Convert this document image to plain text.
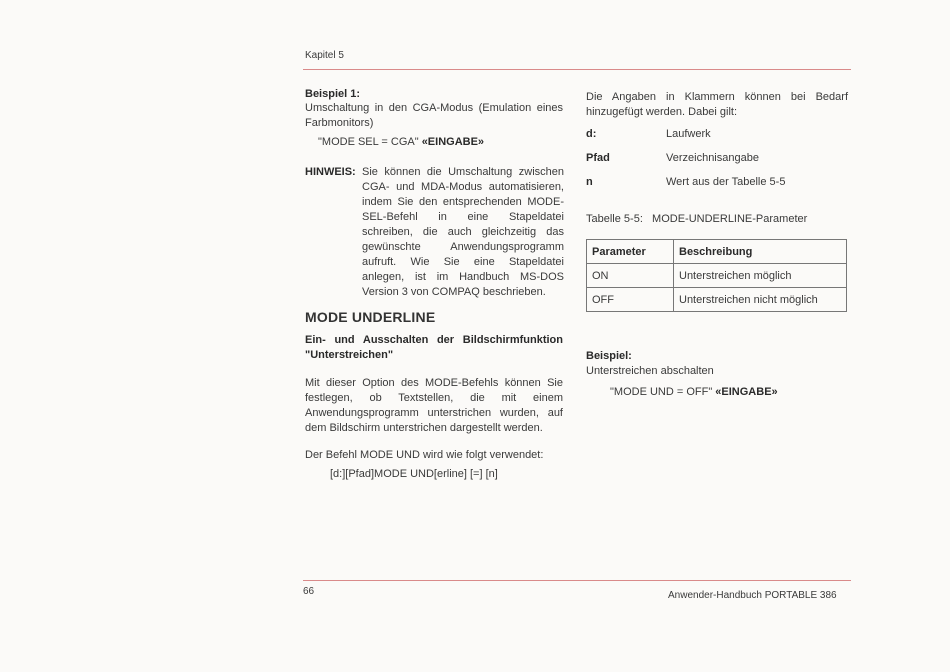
Kapitel 5
Beispiel 1:
Umschaltung in den CGA-Modus (Emulation eines Farbmonitors)
"MODE SEL = CGA" «EINGABE»
HINWEIS: Sie können die Umschaltung zwischen CGA- und MDA-Modus automatisieren, indem Sie den entsprechenden MODE-SEL-Befehl in eine Stapeldatei schreiben, die auch gleichzeitig das gewünschte Anwendungsprogramm aufruft. Wie Sie eine Stapeldatei anlegen, ist im Handbuch MS-DOS Version 3 von COMPAQ beschrieben.
MODE UNDERLINE
Ein- und Ausschalten der Bildschirmfunktion "Unterstreichen"
Mit dieser Option des MODE-Befehls können Sie festlegen, ob Textstellen, die mit einem Anwendungsprogramm unterstrichen wurden, auf dem Bildschirm unterstrichen dargestellt werden.
Der Befehl MODE UND wird wie folgt verwendet:
[d:][Pfad]MODE UND[erline] [=] [n]
Die Angaben in Klammern können bei Bedarf hinzugefügt werden. Dabei gilt:
d:	Laufwerk
Pfad	Verzeichnisangabe
n	Wert aus der Tabelle 5-5
Tabelle 5-5:   MODE-UNDERLINE-Parameter
Parameter	Beschreibung
ON	Unterstreichen möglich
OFF	Unterstreichen nicht möglich
Beispiel:
Unterstreichen abschalten
"MODE UND = OFF" «EINGABE»
66	Anwender-Handbuch PORTABLE 386
